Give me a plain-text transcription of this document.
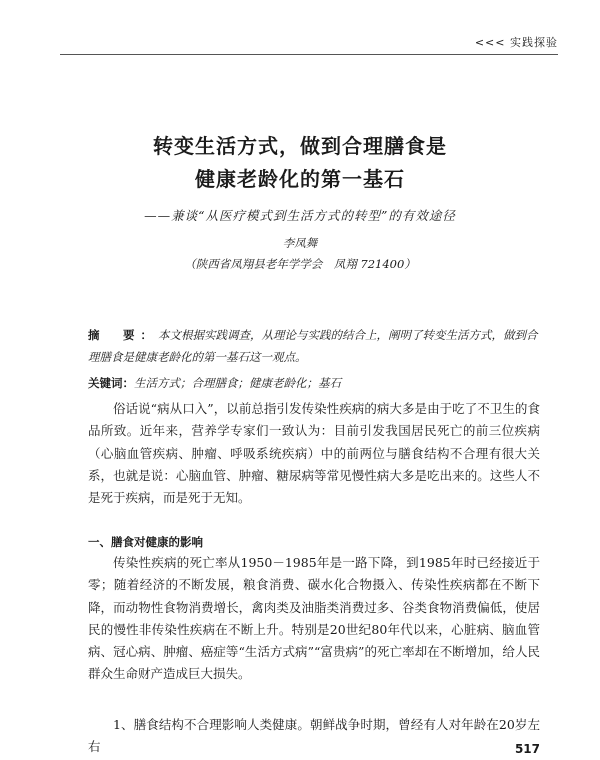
<<< 实践探验
转变生活方式，做到合理膳食是
健康老龄化的第一基石
——兼谈“从医疗模式到生活方式的转型”的有效途径
李凤舞
（陕西省凤翔县老年学学会　凤翔 721400）
摘　要：本文根据实践调查，从理论与实践的结合上，阐明了转变生活方式，做到合理膳食是健康老龄化的第一基石这一观点。
关键词：生活方式；合理膳食；健康老龄化；基石
俗话说“病从口入”，以前总指引发传染性疾病的病大多是由于吃了不卫生的食品所致。近年来，营养学专家们一致认为：目前引发我国居民死亡的前三位疾病（心脑血管疾病、肿瘤、呼吸系统疾病）中的前两位与膳食结构不合理有很大关系，也就是说：心脑血管、肿瘤、糖尿病等常见慢性病大多是吃出来的。这些人不是死于疾病，而是死于无知。
一、膳食对健康的影响
传染性疾病的死亡率从1950－1985年是一路下降，到1985年时已经接近于零；随着经济的不断发展，粮食消费、碳水化合物摄入、传染性疾病都在不断下降，而动物性食物消费增长，禽肉类及油脂类消费过多、谷类食物消费偏低，使居民的慢性非传染性疾病在不断上升。特别是20世纪80年代以来，心脏病、脑血管病、冠心病、肿瘤、癌症等“生活方式病”“富贵病”的死亡率却在不断增加，给人民群众生命财产造成巨大损失。
1、膳食结构不合理影响人类健康。朝鲜战争时期，曾经有人对年龄在20岁左右	517
